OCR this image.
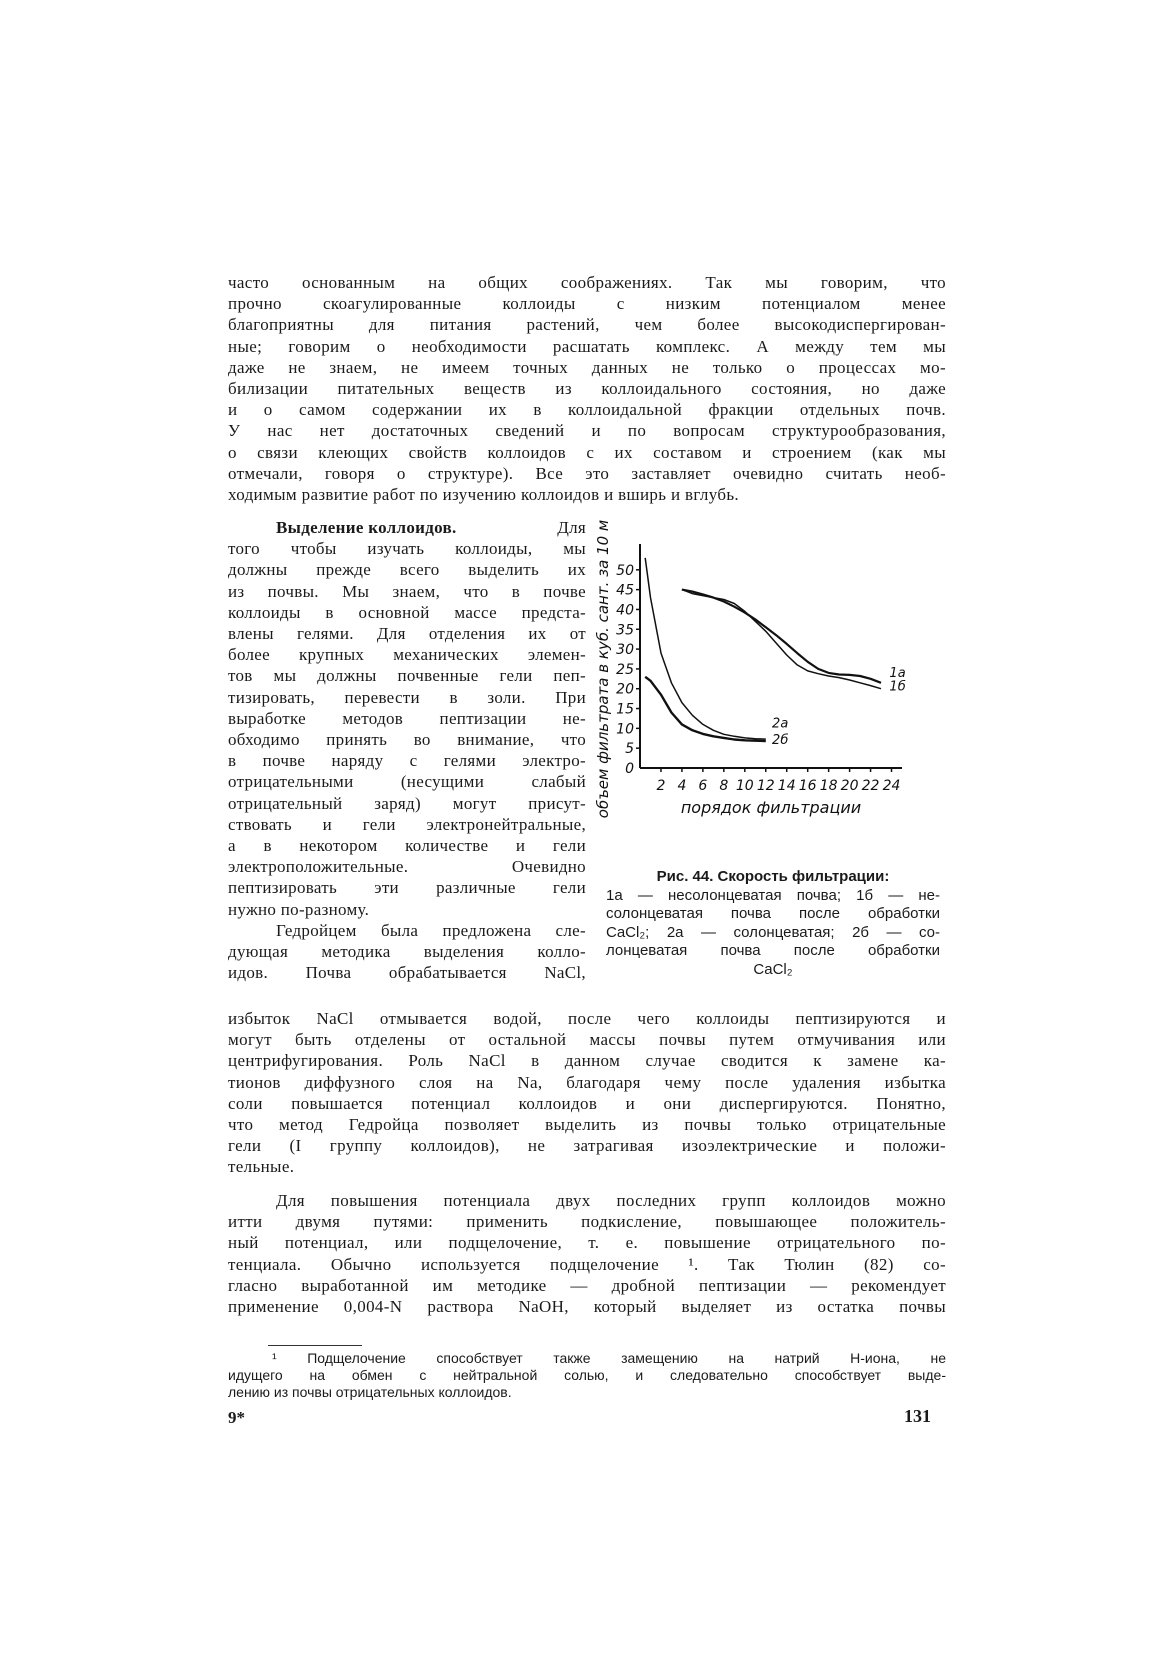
часто основанным на общих соображениях. Так мы говорим, что
прочно скоагулированные коллоиды с низким потенциалом менее
благоприятны для питания растений, чем более высокодиспергирован-
ные; говорим о необходимости расшатать комплекс. А между тем мы
даже не знаем, не имеем точных данных не только о процессах мо-
билизации питательных веществ из коллоидального состояния, но даже
и о самом содержании их в коллоидальной фракции отдельных почв.
У нас нет достаточных сведений и по вопросам структурообразования,
о связи клеющих свойств коллоидов с их составом и строением (как мы
отмечали, говоря о структуре). Все это заставляет очевидно считать необ-
ходимым развитие работ по изучению коллоидов и вширь и вглубь.
Выделение коллоидов.	Для
того чтобы изучать коллоиды, мы
должны прежде всего выделить их
из почвы. Мы знаем, что в почве
коллоиды в основной массе предста-
влены гелями. Для отделения их от
более крупных механических элемен-
тов мы должны почвенные гели пеп-
тизировать, перевести в золи. При
выработке методов пептизации не-
обходимо принять во внимание, что
в почве наряду с гелями электро-
отрицательными (несущими слабый
отрицательный заряд) могут присут-
ствовать и гели электронейтральные,
а в некотором количестве и гели
электроположительные. Очевидно
пептизировать эти различные гели
нужно по-разному.
Гедройцем была предложена сле-
дующая методика выделения колло-
идов. Почва обрабатывается NaCl,
0
5
10
15
20
25
30
35
40
45
50
2 4 6 8 10 12 14 16 18 20 22 24
порядок фильтрации
объем фильтрата в куб. сант. за 10 м	1а
1б
2а
2б
Рис. 44. Скорость фильтрации:
1а — несолонцеватая почва; 1б — не-
солонцеватая почва после обработки
CaCl₂; 2а — солонцеватая; 2б — со-
лонцеватая почва после обработки
CaCl₂
избыток NaCl отмывается водой, после чего коллоиды пептизируются и
могут быть отделены от остальной массы почвы путем отмучивания или
центрифугирования. Роль NaCl в данном случае сводится к замене ка-
тионов диффузного слоя на Na, благодаря чему после удаления избытка
соли повышается потенциал коллоидов и они диспергируются. Понятно,
что метод Гедройца позволяет выделить из почвы только отрицательные
гели (I группу коллоидов), не затрагивая изоэлектрические и положи-
тельные.
Для повышения потенциала двух последних групп коллоидов можно
итти двумя путями: применить подкисление, повышающее положитель-
ный потенциал, или подщелочение, т. е. повышение отрицательного по-
тенциала. Обычно используется подщелочение ¹. Так Тюлин (82) со-
гласно выработанной им методике — дробной пептизации — рекомендует
применение 0,004-N раствора NaOH, который выделяет из остатка почвы
¹ Подщелочение способствует также замещению на натрий Н-иона, не
идущего на обмен с нейтральной солью, и следовательно способствует выде-
лению из почвы отрицательных коллоидов.
9*	131
